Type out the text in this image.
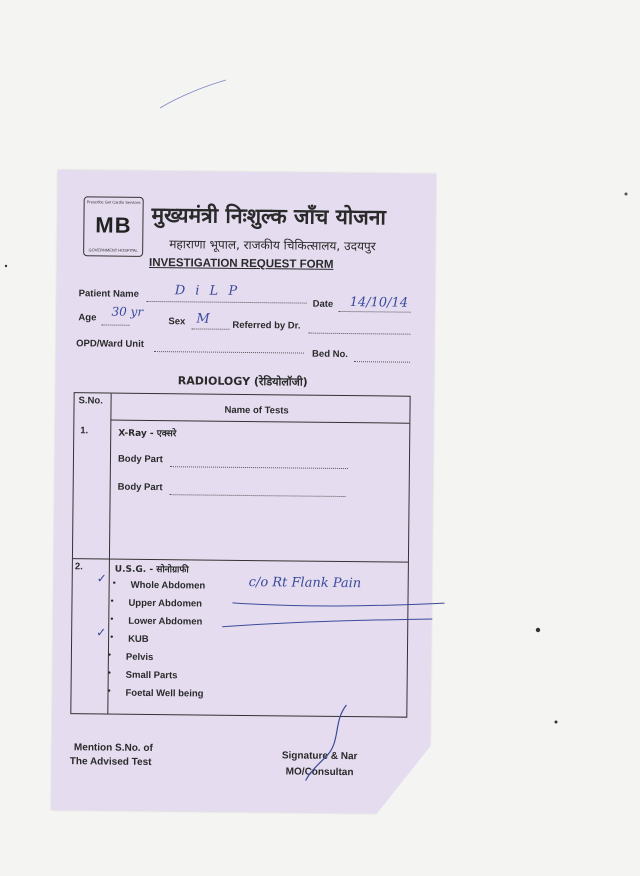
Prescribe Get Cardio Services
MB
GOVERNMENT HOSPITAL
मुख्यमंत्री निःशुल्क जाँच योजना
महाराणा भूपाल, राजकीय चिकित्सालय, उदयपुर
INVESTIGATION REQUEST FORM
Patient Name	D i L P
Date 14/10/14
Age 30 yr
Sex M Referred by Dr.
OPD/Ward Unit
Bed No.
RADIOLOGY (रेडियोलॉजी)
S.No.
Name of Tests
1.	X-Ray - एक्सरे
Body Part
Body Part
2.	U.S.G. - सोनोग्राफी
✓ • Whole Abdomen
• Upper Abdomen
• Lower Abdomen
✓ • KUB
• Pelvis
• Small Parts
• Foetal Well being
c/o Rt Flank Pain
Mention S.No. of
The Advised Test	Signature & Nar
MO/Consultan
